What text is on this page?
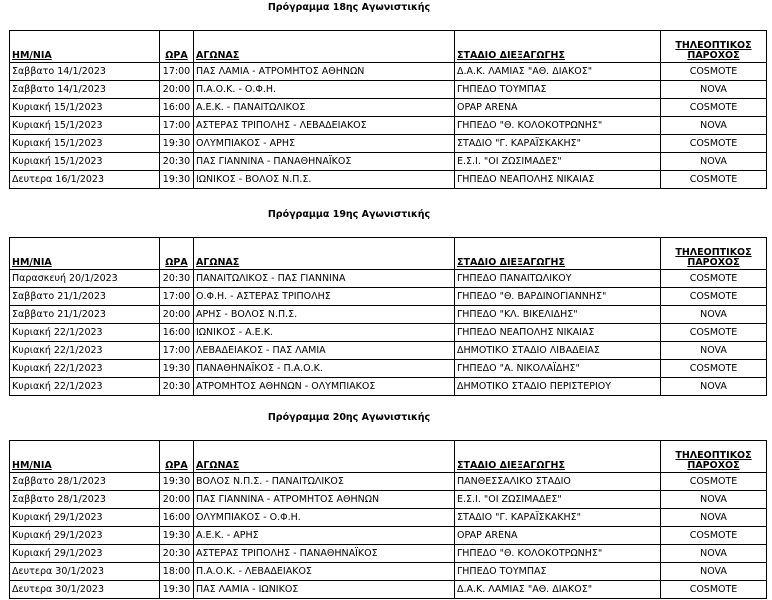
Πρόγραμμα 18ης Αγωνιστικής
ΗΜ/ΝΙΑ	ΩΡΑ	ΑΓΩΝΑΣ	ΣΤΑΔΙΟ ΔΙΕΞΑΓΩΓΗΣ	ΤΗΛΕΟΠΤΙΚΟΣ
ΠΑΡΟΧΟΣ
Σαββατο 14/1/2023	17:00	ΠΑΣ ΛΑΜΙΑ - ΑΤΡΟΜΗΤΟΣ ΑΘΗΝΩΝ	Δ.Α.Κ. ΛΑΜΙΑΣ "ΑΘ. ΔΙΑΚΟΣ"	COSMOTE
Σαββατο 14/1/2023	20:00	Π.Α.Ο.Κ. - Ο.Φ.Η.	ΓΗΠΕΔΟ ΤΟΥΜΠΑΣ	NOVA
Κυριακή 15/1/2023	16:00	Α.Ε.Κ. - ΠΑΝΑΙΤΩΛΙΚΟΣ	OPAP ARENA	COSMOTE
Κυριακή 15/1/2023	17:00	ΑΣΤΕΡΑΣ ΤΡΙΠΟΛΗΣ - ΛΕΒΑΔΕΙΑΚΟΣ	ΓΗΠΕΔΟ "Θ. ΚΟΛΟΚΟΤΡΩΝΗΣ"	NOVA
Κυριακή 15/1/2023	19:30	ΟΛΥΜΠΙΑΚΟΣ - ΑΡΗΣ	ΣΤΑΔΙΟ "Γ. ΚΑΡΑΪΣΚΑΚΗΣ"	COSMOTE
Κυριακή 15/1/2023	20:30	ΠΑΣ ΓΙΑΝΝΙΝΑ - ΠΑΝΑΘΗΝΑΪΚΟΣ	Ε.Σ.Ι. "ΟΙ ΖΩΣΙΜΑΔΕΣ"	NOVA
Δευτερα 16/1/2023	19:30	ΙΩΝΙΚΟΣ - ΒΟΛΟΣ Ν.Π.Σ.	ΓΗΠΕΔΟ ΝΕΑΠΟΛΗΣ ΝΙΚΑΙΑΣ	COSMOTE
Πρόγραμμα 19ης Αγωνιστικής
ΗΜ/ΝΙΑ	ΩΡΑ	ΑΓΩΝΑΣ	ΣΤΑΔΙΟ ΔΙΕΞΑΓΩΓΗΣ	ΤΗΛΕΟΠΤΙΚΟΣ
ΠΑΡΟΧΟΣ
Παρασκευή 20/1/2023	20:30	ΠΑΝΑΙΤΩΛΙΚΟΣ - ΠΑΣ ΓΙΑΝΝΙΝΑ	ΓΗΠΕΔΟ ΠΑΝΑΙΤΩΛΙΚΟΥ	COSMOTE
Σαββατο 21/1/2023	17:00	Ο.Φ.Η. - ΑΣΤΕΡΑΣ ΤΡΙΠΟΛΗΣ	ΓΗΠΕΔΟ "Θ. ΒΑΡΔΙΝΟΓΙΑΝΝΗΣ"	COSMOTE
Σαββατο 21/1/2023	20:00	ΑΡΗΣ - ΒΟΛΟΣ Ν.Π.Σ.	ΓΗΠΕΔΟ "ΚΛ. ΒΙΚΕΛΙΔΗΣ"	NOVA
Κυριακή 22/1/2023	16:00	ΙΩΝΙΚΟΣ - Α.Ε.Κ.	ΓΗΠΕΔΟ ΝΕΑΠΟΛΗΣ ΝΙΚΑΙΑΣ	COSMOTE
Κυριακή 22/1/2023	17:00	ΛΕΒΑΔΕΙΑΚΟΣ - ΠΑΣ ΛΑΜΙΑ	ΔΗΜΟΤΙΚΟ ΣΤΑΔΙΟ ΛΙΒΑΔΕΙΑΣ	NOVA
Κυριακή 22/1/2023	19:30	ΠΑΝΑΘΗΝΑΪΚΟΣ - Π.Α.Ο.Κ.	ΓΗΠΕΔΟ "Α. ΝΙΚΟΛΑΪΔΗΣ"	COSMOTE
Κυριακή 22/1/2023	20:30	ΑΤΡΟΜΗΤΟΣ ΑΘΗΝΩΝ - ΟΛΥΜΠΙΑΚΟΣ	ΔΗΜΟΤΙΚΟ ΣΤΑΔΙΟ ΠΕΡΙΣΤΕΡΙΟΥ	NOVA
Πρόγραμμα 20ης Αγωνιστικής
ΗΜ/ΝΙΑ	ΩΡΑ	ΑΓΩΝΑΣ	ΣΤΑΔΙΟ ΔΙΕΞΑΓΩΓΗΣ	ΤΗΛΕΟΠΤΙΚΟΣ
ΠΑΡΟΧΟΣ
Σαββατο 28/1/2023	19:30	ΒΟΛΟΣ Ν.Π.Σ. - ΠΑΝΑΙΤΩΛΙΚΟΣ	ΠΑΝΘΕΣΣΑΛΙΚΟ ΣΤΑΔΙΟ	COSMOTE
Σαββατο 28/1/2023	20:00	ΠΑΣ ΓΙΑΝΝΙΝΑ - ΑΤΡΟΜΗΤΟΣ ΑΘΗΝΩΝ	Ε.Σ.Ι. "ΟΙ ΖΩΣΙΜΑΔΕΣ"	NOVA
Κυριακή 29/1/2023	16:00	ΟΛΥΜΠΙΑΚΟΣ - Ο.Φ.Η.	ΣΤΑΔΙΟ "Γ. ΚΑΡΑΪΣΚΑΚΗΣ"	NOVA
Κυριακή 29/1/2023	19:30	Α.Ε.Κ. - ΑΡΗΣ	OPAP ARENA	COSMOTE
Κυριακή 29/1/2023	20:30	ΑΣΤΕΡΑΣ ΤΡΙΠΟΛΗΣ - ΠΑΝΑΘΗΝΑΪΚΟΣ	ΓΗΠΕΔΟ "Θ. ΚΟΛΟΚΟΤΡΩΝΗΣ"	NOVA
Δευτερα 30/1/2023	18:00	Π.Α.Ο.Κ. - ΛΕΒΑΔΕΙΑΚΟΣ	ΓΗΠΕΔΟ ΤΟΥΜΠΑΣ	NOVA
Δευτερα 30/1/2023	19:30	ΠΑΣ ΛΑΜΙΑ - ΙΩΝΙΚΟΣ	Δ.Α.Κ. ΛΑΜΙΑΣ "ΑΘ. ΔΙΑΚΟΣ"	COSMOTE
